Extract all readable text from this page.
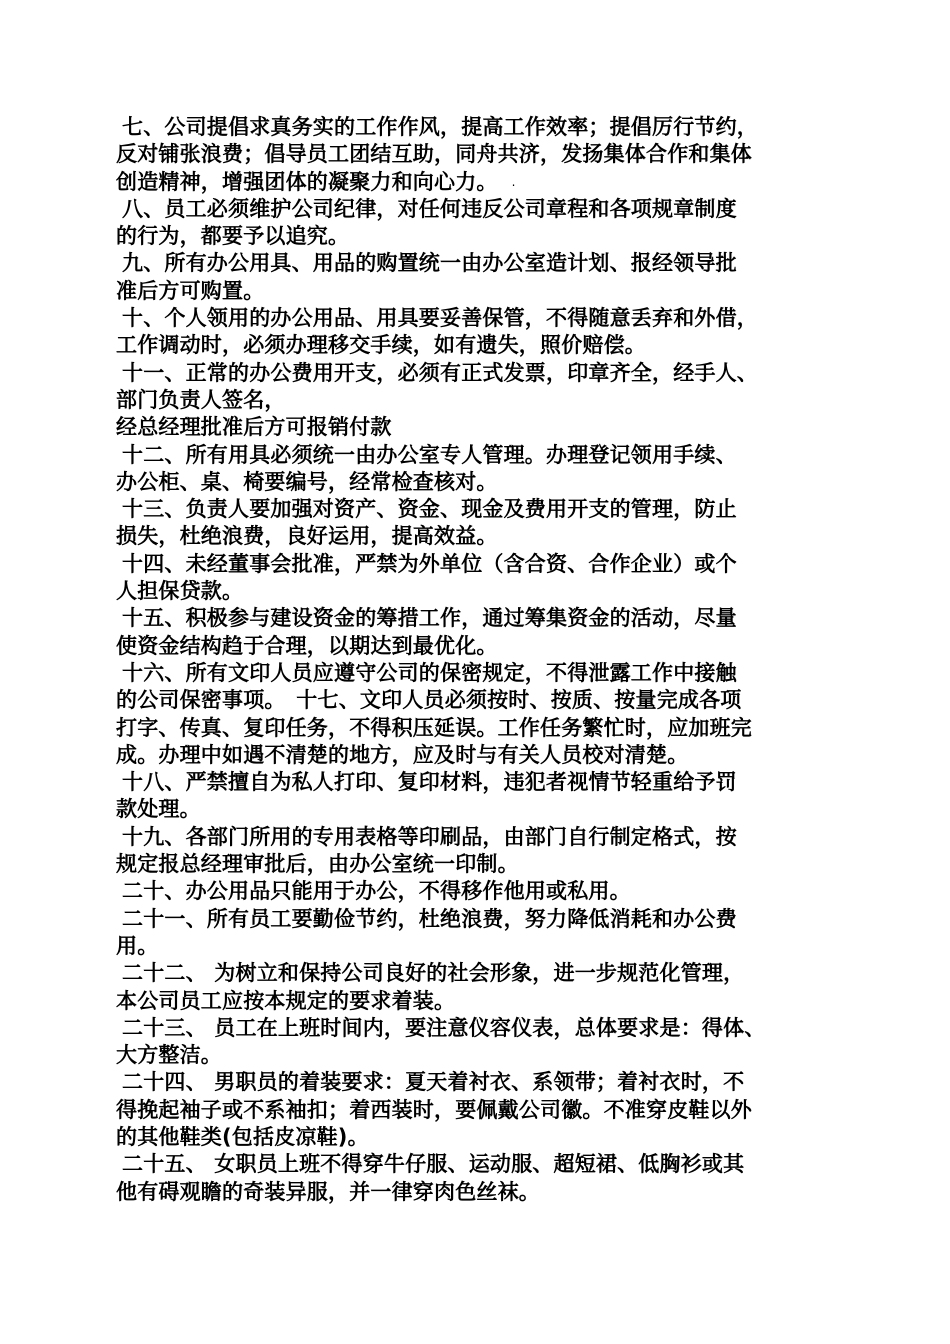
七、公司提倡求真务实的工作作风，提高工作效率；提倡厉行节约，
反对铺张浪费；倡导员工团结互助，同舟共济，发扬集体合作和集体
创造精神，增强团体的凝聚力和向心力。 .
八、员工必须维护公司纪律，对任何违反公司章程和各项规章制度
的行为，都要予以追究。
九、所有办公用具、用品的购置统一由办公室造计划、报经领导批
准后方可购置。
十、个人领用的办公用品、用具要妥善保管，不得随意丢弃和外借，
工作调动时，必须办理移交手续，如有遗失，照价赔偿。
十一、正常的办公费用开支，必须有正式发票，印章齐全，经手人、
部门负责人签名，
经总经理批准后方可报销付款
十二、所有用具必须统一由办公室专人管理。办理登记领用手续、
办公柜、桌、椅要编号，经常检查核对。
十三、负责人要加强对资产、资金、现金及费用开支的管理，防止
损失，杜绝浪费，良好运用，提高效益。
十四、未经董事会批准，严禁为外单位（含合资、合作企业）或个
人担保贷款。
十五、积极参与建设资金的筹措工作，通过筹集资金的活动，尽量
使资金结构趋于合理，以期达到最优化。
十六、所有文印人员应遵守公司的保密规定，不得泄露工作中接触
的公司保密事项。　十七、文印人员必须按时、按质、按量完成各项
打字、传真、复印任务，不得积压延误。工作任务繁忙时，应加班完
成。办理中如遇不清楚的地方，应及时与有关人员校对清楚。
十八、严禁擅自为私人打印、复印材料，违犯者视情节轻重给予罚
款处理。
十九、各部门所用的专用表格等印刷品，由部门自行制定格式，按
规定报总经理审批后，由办公室统一印制。
二十、办公用品只能用于办公，不得移作他用或私用。
二十一、所有员工要勤俭节约，杜绝浪费，努力降低消耗和办公费
用。
二十二、 为树立和保持公司良好的社会形象，进一步规范化管理，
本公司员工应按本规定的要求着装。
二十三、 员工在上班时间内，要注意仪容仪表，总体要求是：得体、
大方整洁。
二十四、 男职员的着装要求：夏天着衬衣、系领带；着衬衣时，不
得挽起袖子或不系袖扣；着西装时，要佩戴公司徽。不准穿皮鞋以外
的其他鞋类(包括皮凉鞋)。
二十五、 女职员上班不得穿牛仔服、运动服、超短裙、低胸衫或其
他有碍观瞻的奇装异服，并一律穿肉色丝袜。
